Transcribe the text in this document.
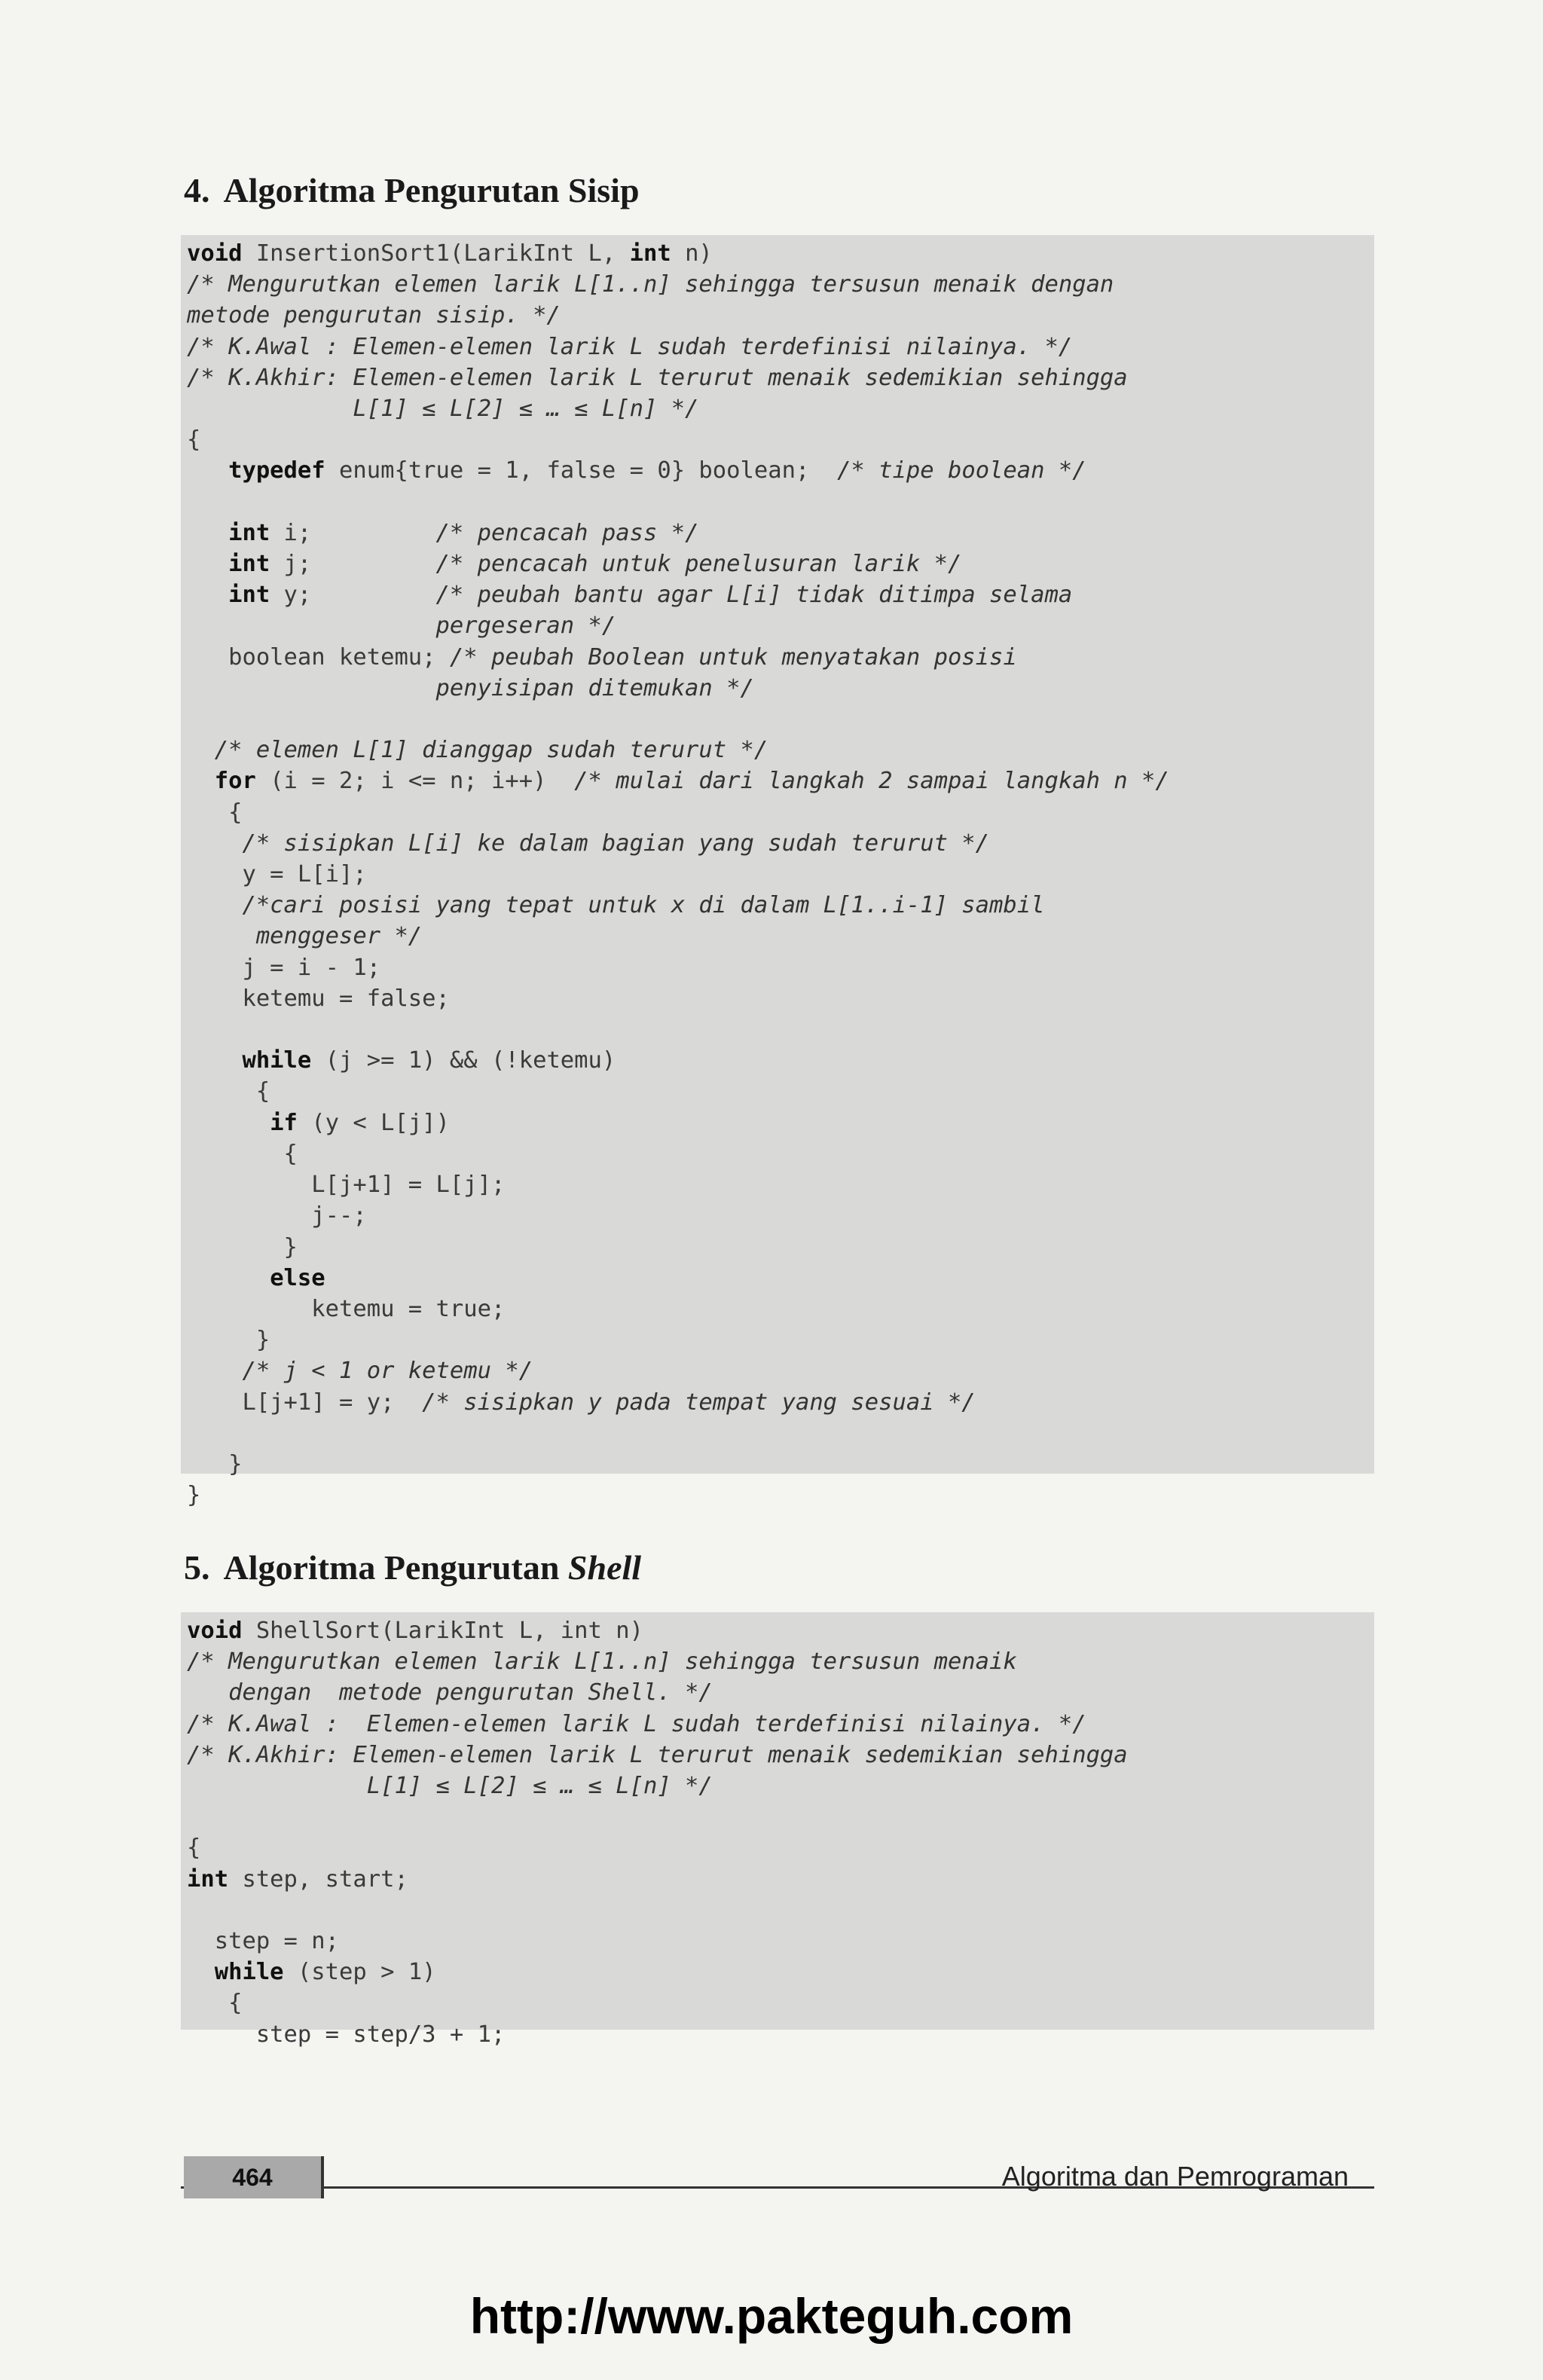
4. Algoritma Pengurutan Sisip
void InsertionSort1(LarikInt L, int n)
/* Mengurutkan elemen larik L[1..n] sehingga tersusun menaik dengan
metode pengurutan sisip. */
/* K.Awal : Elemen-elemen larik L sudah terdefinisi nilainya. */
/* K.Akhir: Elemen-elemen larik L terurut menaik sedemikian sehingga
L[1] ≤ L[2] ≤ … ≤ L[n] */
{
typedef enum{true = 1, false = 0} boolean;  /* tipe boolean */

int i;         /* pencacah pass */
int j;         /* pencacah untuk penelusuran larik */
int y;         /* peubah bantu agar L[i] tidak ditimpa selama
pergeseran */
boolean ketemu; /* peubah Boolean untuk menyatakan posisi
penyisipan ditemukan */

/* elemen L[1] dianggap sudah terurut */
for (i = 2; i <= n; i++)  /* mulai dari langkah 2 sampai langkah n */
{
/* sisipkan L[i] ke dalam bagian yang sudah terurut */
y = L[i];
/*cari posisi yang tepat untuk x di dalam L[1..i-1] sambil
menggeser */
j = i - 1;
ketemu = false;

while (j >= 1) && (!ketemu)
{
if (y < L[j])
{
L[j+1] = L[j];
j--;
}
else
ketemu = true;
}
/* j < 1 or ketemu */
L[j+1] = y;  /* sisipkan y pada tempat yang sesuai */

}
}
5. Algoritma Pengurutan Shell
void ShellSort(LarikInt L, int n)
/* Mengurutkan elemen larik L[1..n] sehingga tersusun menaik
dengan  metode pengurutan Shell. */
/* K.Awal :  Elemen-elemen larik L sudah terdefinisi nilainya. */
/* K.Akhir: Elemen-elemen larik L terurut menaik sedemikian sehingga
L[1] ≤ L[2] ≤ … ≤ L[n] */

{
int step, start;

step = n;
while (step > 1)
{
step = step/3 + 1;
464	Algoritma dan Pemrograman
http://www.pakteguh.com
